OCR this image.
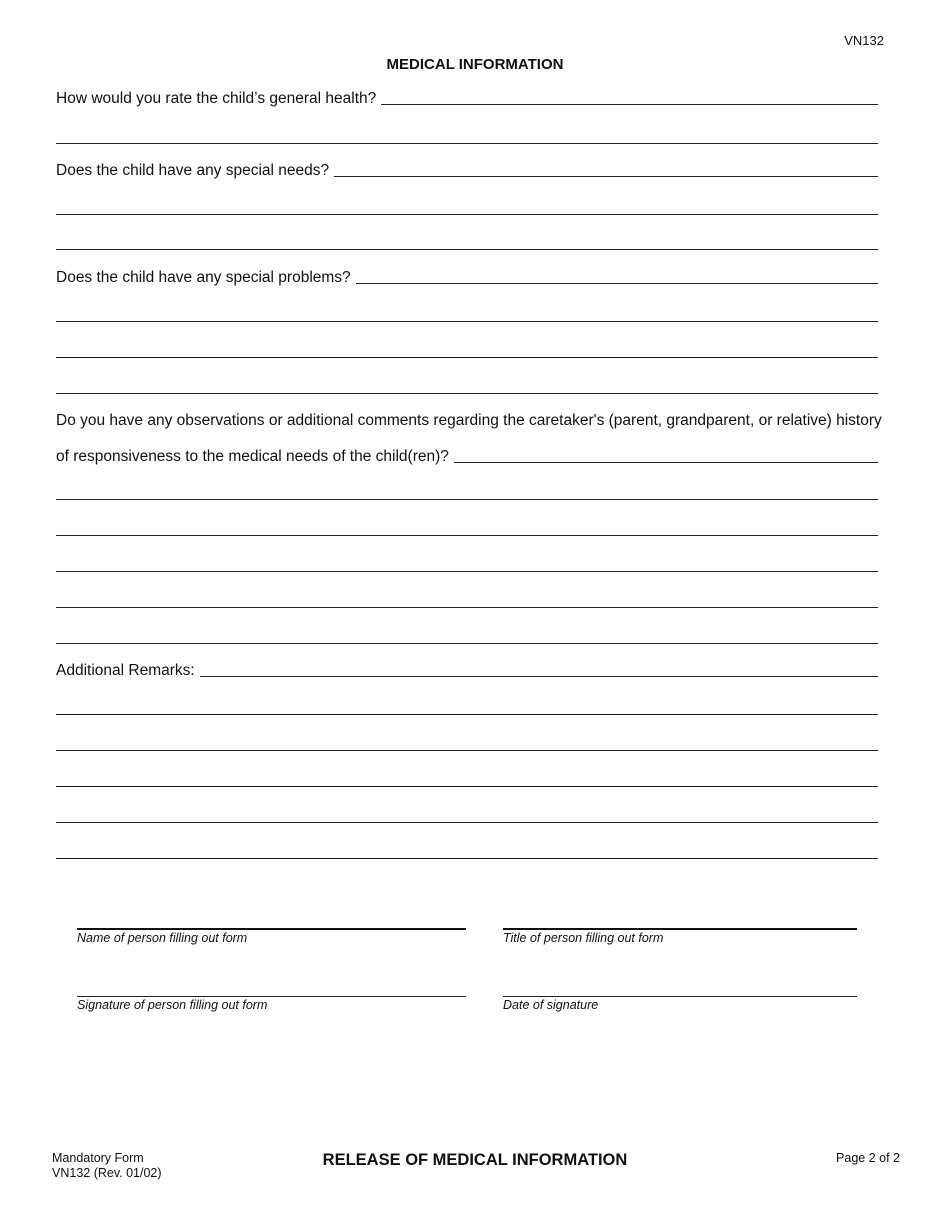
VN132
MEDICAL INFORMATION
How would you rate the child’s general health?
Does the child have any special needs?
Does the child have any special problems?
Do you have any observations or additional comments regarding the caretaker's (parent, grandparent, or relative) history
of responsiveness to the medical needs of the child(ren)?
Additional Remarks:
Name of person filling out form	Title of person filling out form
Signature of person filling out form	Date of signature
Mandatory Form
VN132 (Rev. 01/02)
RELEASE OF MEDICAL INFORMATION	Page 2 of 2
